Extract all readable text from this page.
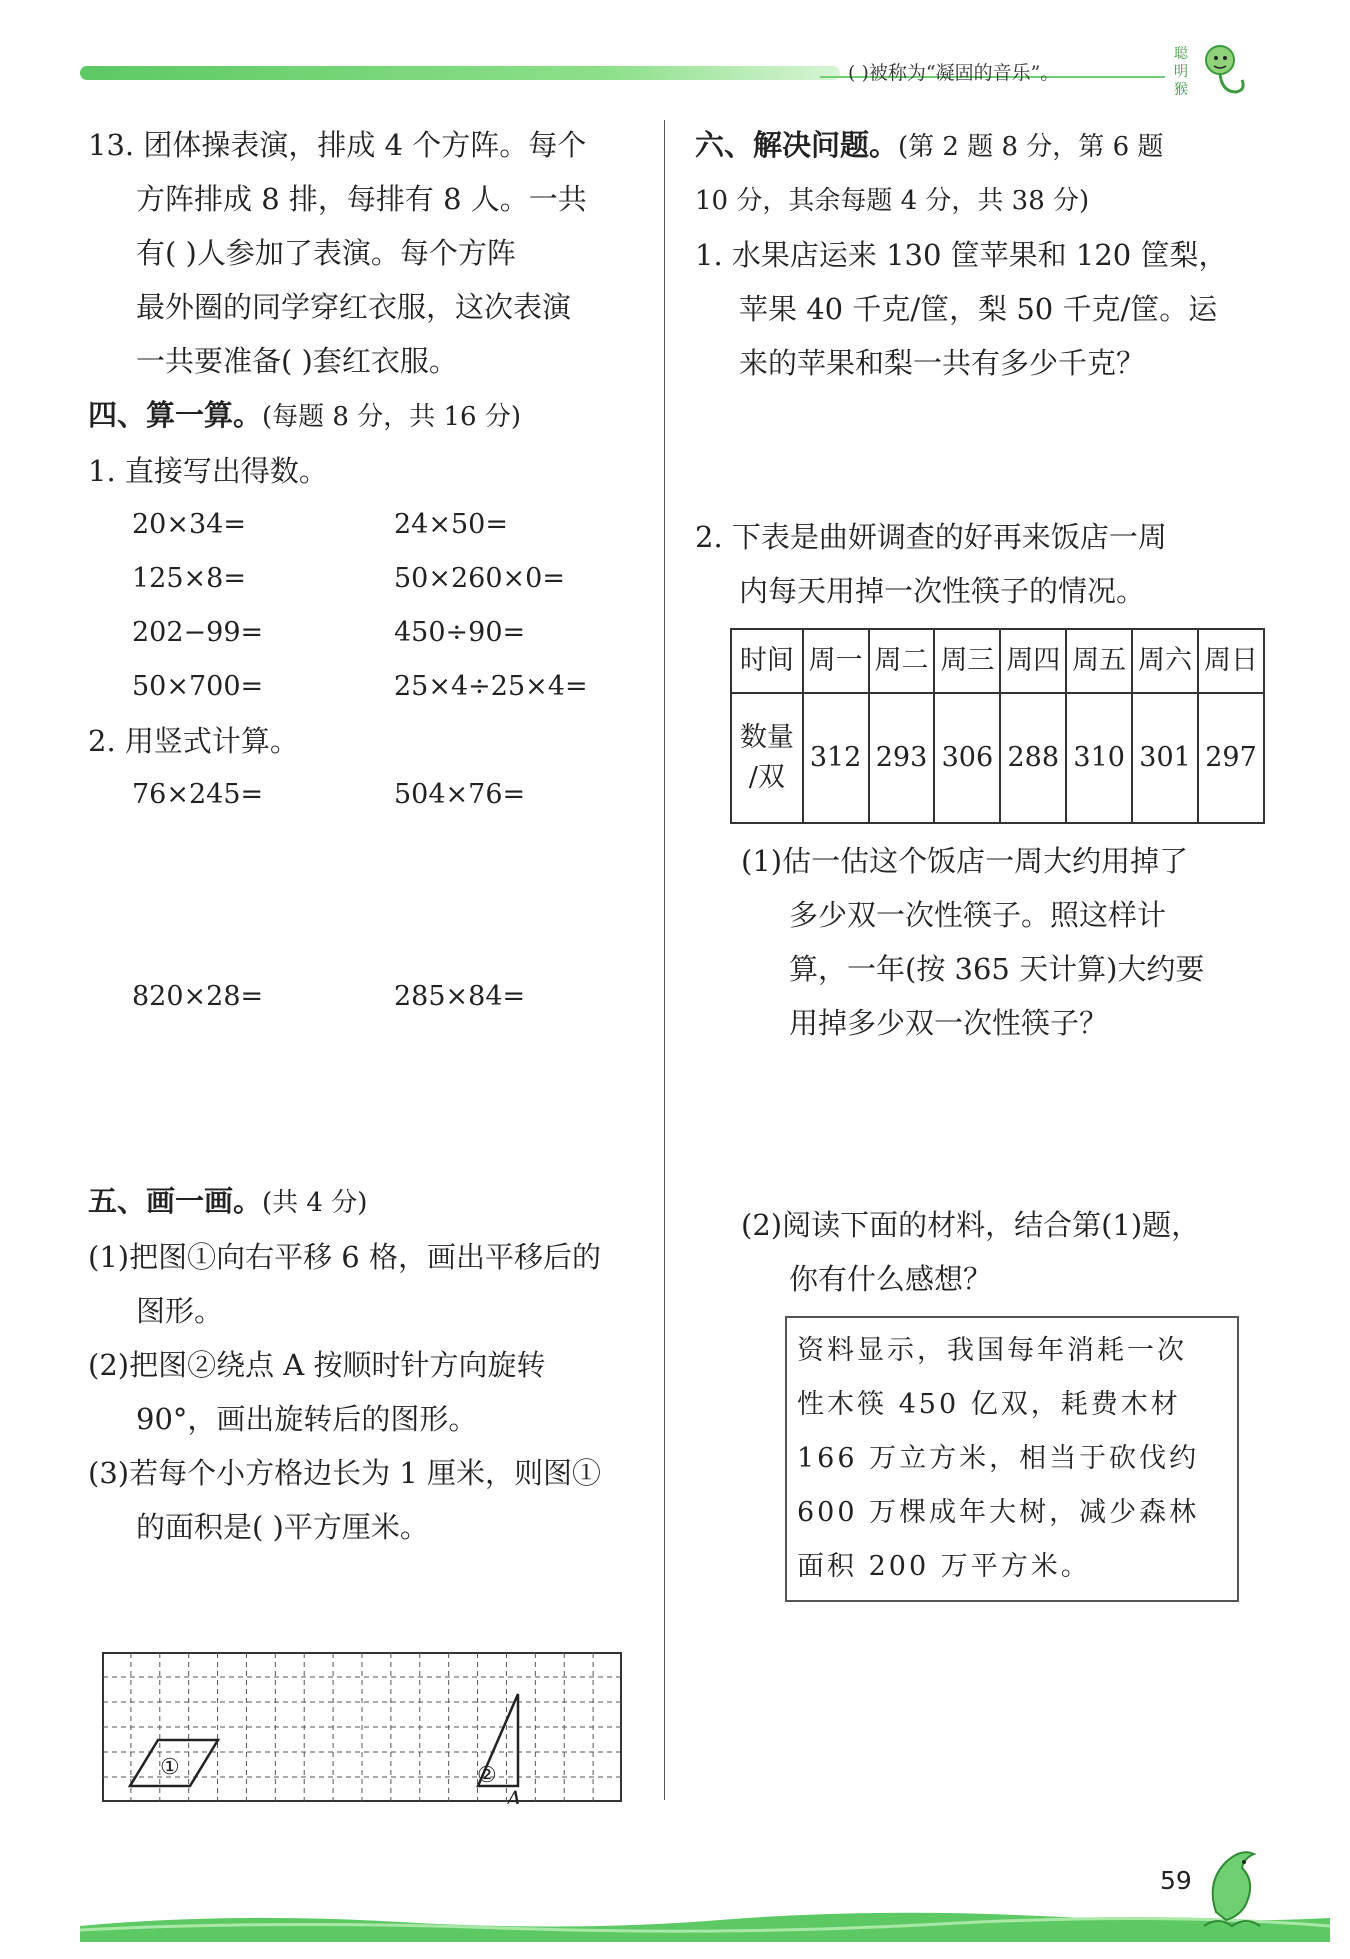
( )被称为“凝固的音乐”。
聪
明
猴
13. 团体操表演，排成 4 个方阵。每个
方阵排成 8 排，每排有 8 人。一共
有( )人参加了表演。每个方阵
最外圈的同学穿红衣服，这次表演
一共要准备( )套红衣服。
四、算一算。(每题 8 分，共 16 分)
1. 直接写出得数。
20×34=	24×50=
125×8=	50×260×0=
202−99=	450÷90=
50×700=	25×4÷25×4=
2. 用竖式计算。
76×245=	504×76=
820×28=	285×84=
五、画一画。(共 4 分)
(1)把图①向右平移 6 格，画出平移后的
图形。
(2)把图②绕点 A 按顺时针方向旋转
90°，画出旋转后的图形。
(3)若每个小方格边长为 1 厘米，则图①
的面积是( )平方厘米。
①	②
A
六、解决问题。(第 2 题 8 分，第 6 题
10 分，其余每题 4 分，共 38 分)
1. 水果店运来 130 筐苹果和 120 筐梨，
苹果 40 千克/筐，梨 50 千克/筐。运
来的苹果和梨一共有多少千克？
2. 下表是曲妍调查的好再来饭店一周
内每天用掉一次性筷子的情况。
时间	周一	周二	周三	周四	周五	周六	周日

数量
/双	312	293	306	288	310	301	297
(1)估一估这个饭店一周大约用掉了
多少双一次性筷子。照这样计
算，一年(按 365 天计算)大约要
用掉多少双一次性筷子？
(2)阅读下面的材料，结合第(1)题，
你有什么感想？
资料显示，我国每年消耗一次
性木筷 450 亿双，耗费木材
166 万立方米，相当于砍伐约
600 万棵成年大树，减少森林
面积 200 万平方米。
59
